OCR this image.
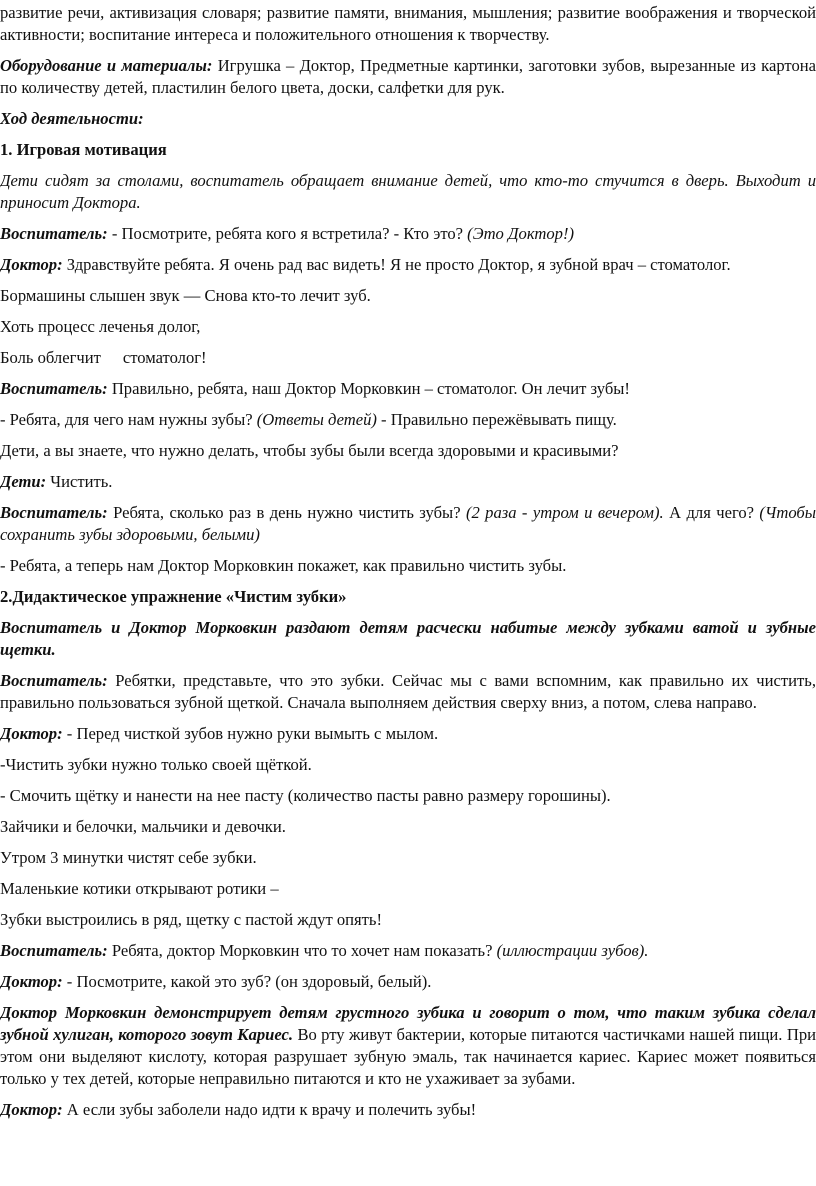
развитие речи, активизация словаря; развитие памяти, внимания, мышления; развитие воображения и творческой активности; воспитание интереса и положительного отношения к творчеству.

Оборудование и материалы: Игрушка – Доктор, Предметные картинки, заготовки зубов, вырезанные из картона по количеству детей, пластилин белого цвета, доски, салфетки для рук.

Ход деятельности:

1. Игровая мотивация

Дети сидят за столами, воспитатель обращает внимание детей, что кто-то стучится в дверь. Выходит и приносит Доктора.

Воспитатель: - Посмотрите, ребята кого я встретила? - Кто это? (Это Доктор!)

Доктор: Здравствуйте ребята. Я очень рад вас видеть! Я не просто Доктор, я зубной врач – стоматолог.

Бормашины слышен звук — Снова кто-то лечит зуб.

Хоть процесс леченья долог,

Боль облегчит стоматолог!

Воспитатель: Правильно, ребята, наш Доктор Морковкин – стоматолог. Он лечит зубы!

- Ребята, для чего нам нужны зубы? (Ответы детей) - Правильно пережёвывать пищу.

Дети, а вы знаете, что нужно делать, чтобы зубы были всегда здоровыми и красивыми?

Дети: Чистить.

Воспитатель: Ребята, сколько раз в день нужно чистить зубы? (2 раза - утром и вечером). А для чего? (Чтобы сохранить зубы здоровыми, белыми)

- Ребята, а теперь нам Доктор Морковкин покажет, как правильно чистить зубы.

2.Дидактическое упражнение «Чистим зубки»

Воспитатель и Доктор Морковкин раздают детям расчески набитые между зубками ватой и зубные щетки.

Воспитатель: Ребятки, представьте, что это зубки. Сейчас мы с вами вспомним, как правильно их чистить, правильно пользоваться зубной щеткой. Сначала выполняем действия сверху вниз, а потом, слева направо.

Доктор: - Перед чисткой зубов нужно руки вымыть с мылом.

-Чистить зубки нужно только своей щёткой.

- Смочить щётку и нанести на нее пасту (количество пасты равно размеру горошины).

Зайчики и белочки, мальчики и девочки.

Утром 3 минутки чистят себе зубки.

Маленькие котики открывают ротики –

Зубки выстроились в ряд, щетку с пастой ждут опять!

Воспитатель: Ребята, доктор Морковкин что то хочет нам показать? (иллюстрации зубов).

Доктор: - Посмотрите, какой это зуб? (он здоровый, белый).

Доктор Морковкин демонстрирует детям грустного зубика и говорит о том, что таким зубика сделал зубной хулиган, которого зовут Кариес. Во рту живут бактерии, которые питаются частичками нашей пищи. При этом они выделяют кислоту, которая разрушает зубную эмаль, так начинается кариес. Кариес может появиться только у тех детей, которые неправильно питаются и кто не ухаживает за зубами.

Доктор: А если зубы заболели надо идти к врачу и полечить зубы!
